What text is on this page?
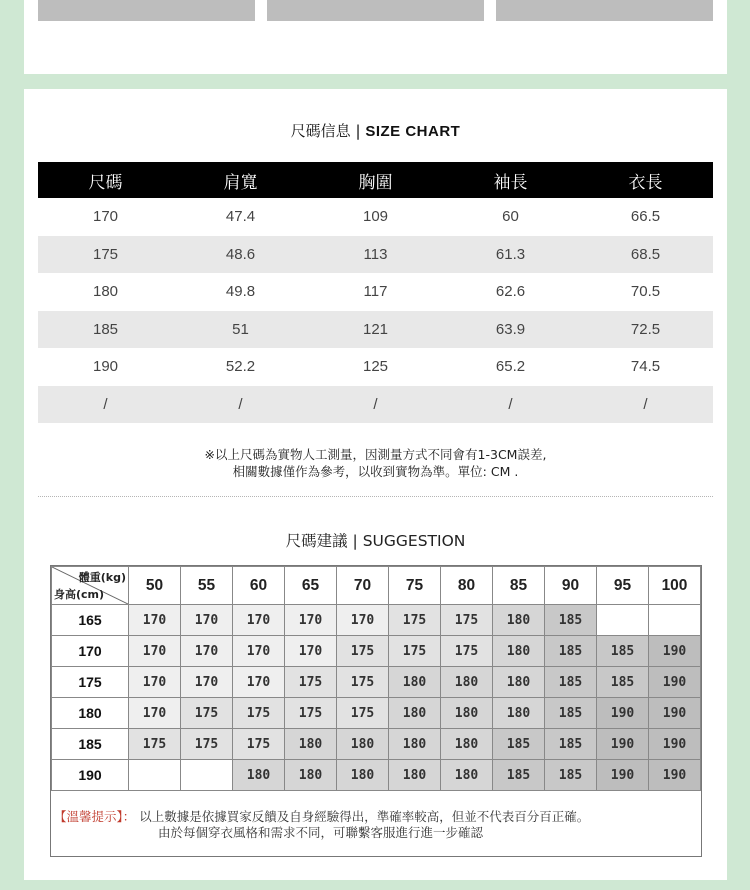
尺碼信息 | SIZE CHART
尺碼	肩寬	胸圍	袖長	衣長
170	47.4	109	60	66.5
175	48.6	113	61.3	68.5
180	49.8	117	62.6	70.5
185	51	121	63.9	72.5
190	52.2	125	65.2	74.5
/	/	/	/	/
※以上尺碼為實物人工測量，因測量方式不同會有1-3CM誤差,
相關數據僅作為參考，以收到實物為準。單位: CM .
尺碼建議 | SUGGESTION
體重(kg)
身高(cm)	50	55	60	65	70	75	80	85	90	95	100
165	170	170	170	170	170	175	175	180	185		
170	170	170	170	170	175	175	175	180	185	185	190
175	170	170	170	175	175	180	180	180	185	185	190
180	170	175	175	175	175	180	180	180	185	190	190
185	175	175	175	180	180	180	180	185	185	190	190
190			180	180	180	180	180	185	185	190	190
【溫馨提示】： 以上數據是依據買家反饋及自身經驗得出，準確率較高，但並不代表百分百正確。
由於每個穿衣風格和需求不同，可聯繫客服進行進一步確認
